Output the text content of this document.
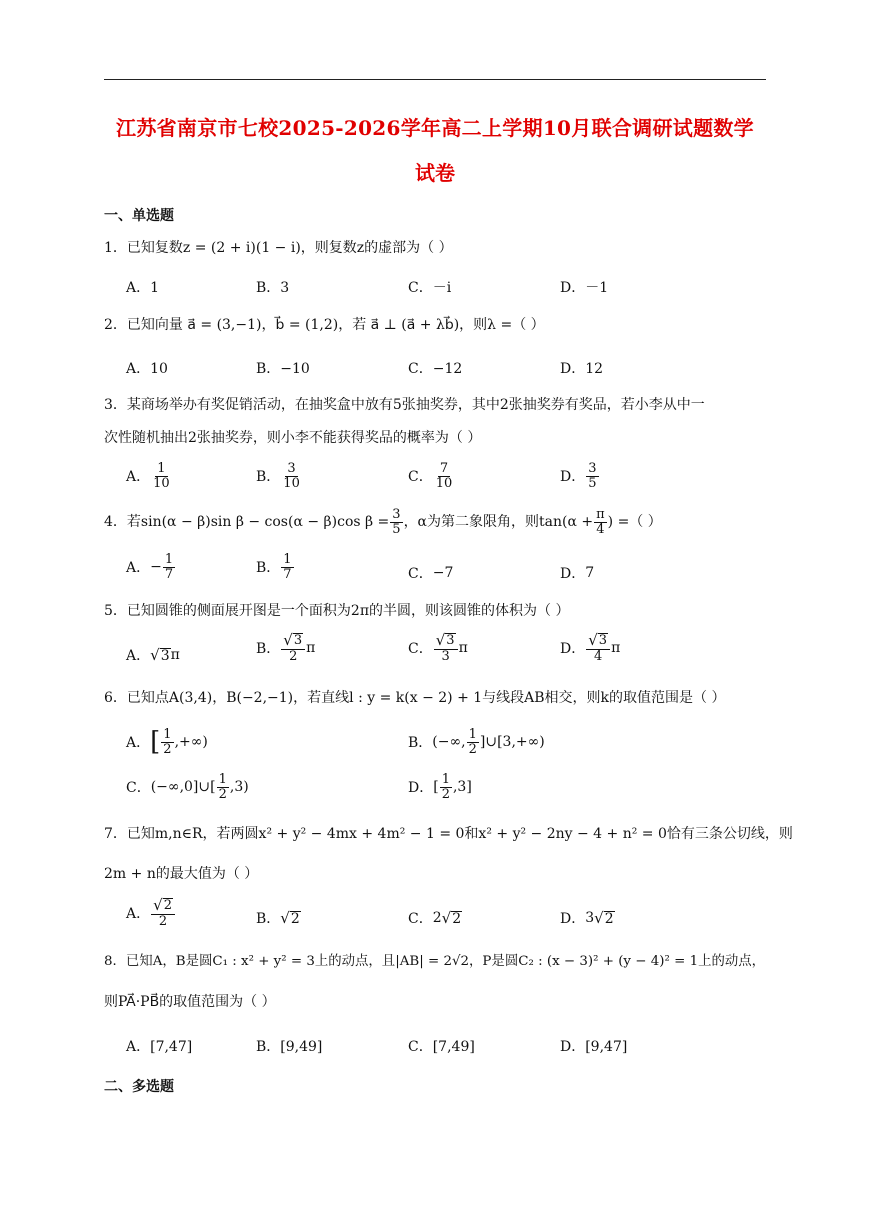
江苏省南京市七校2025-2026学年高二上学期10月联合调研试题数学
试卷
一、单选题
1．已知复数z = (2 + i)(1 − i)，则复数z的虚部为（ ）
A．1	B．3	C．－i	D．－1
2．已知向量 a⃗ = (3,−1)，b⃗ = (1,2)，若 a⃗ ⊥ (a⃗ + λb⃗)，则λ =（ ）
A．10	B．−10	C．−12	D．12
3．某商场举办有奖促销活动，在抽奖盒中放有5张抽奖券，其中2张抽奖券有奖品，若小李从中一
次性随机抽出2张抽奖券，则小李不能获得奖品的概率为（ ）
A． $\frac{1}{10}$	B． $\frac{3}{10}$	C． $\frac{7}{10}$	D． $\frac{3}{5}$
4．若sin(α − β)sin β − cos(α − β)cos $\beta = \frac{3}{5}$ ，α为第二象限角，则$\tan(\alpha + \frac{\pi}{4}$ ) =（ ）
A． − $\frac{1}{7}$	B． $\frac{1}{7}$	C． −7	D． 7
5．已知圆锥的侧面展开图是一个面积为2π的半圆，则该圆锥的体积为（ ）
A． √ 3 π	B． $\frac{√ 3}{2}$ π	C． $\frac{√ 3}{3}$ π	D． $\frac{√ 3}{4}$ π
6．已知点A(3,4)，B(−2,−1)，若直线l : y = k(x − 2) + 1与线段AB相交，则k的取值范围是（ ）
A． [ $\frac{1}{2}$ ,+∞)	B． (−∞, $\frac{1}{2}$ ]∪[3,+∞)
C． (−∞,0]∪[ $\frac{1}{2} ,3$)	D． [ $\frac{1}{2} ,3$]
7．已知m,n∈R，若两圆x² + y² − 4mx + 4m² − 1 = 0和x² + y² − 2ny − 4 + n² = 0恰有三条公切线，则
2m + n的最大值为（ ）
A． $\frac{√ 2}{2}$	B． √ 2	C． 2 √ 2	D． 3 √ 2
8．已知A，B是圆C₁ : x² + y² = 3上的动点，且|AB| = 2√2，P是圆C₂ : (x − 3)² + (y − 4)² = 1上的动点，
则PA⃗·PB⃗的取值范围为（ ）
A．[7,47]	B．[9,49]	C．[7,49]	D．[9,47]
二、多选题
